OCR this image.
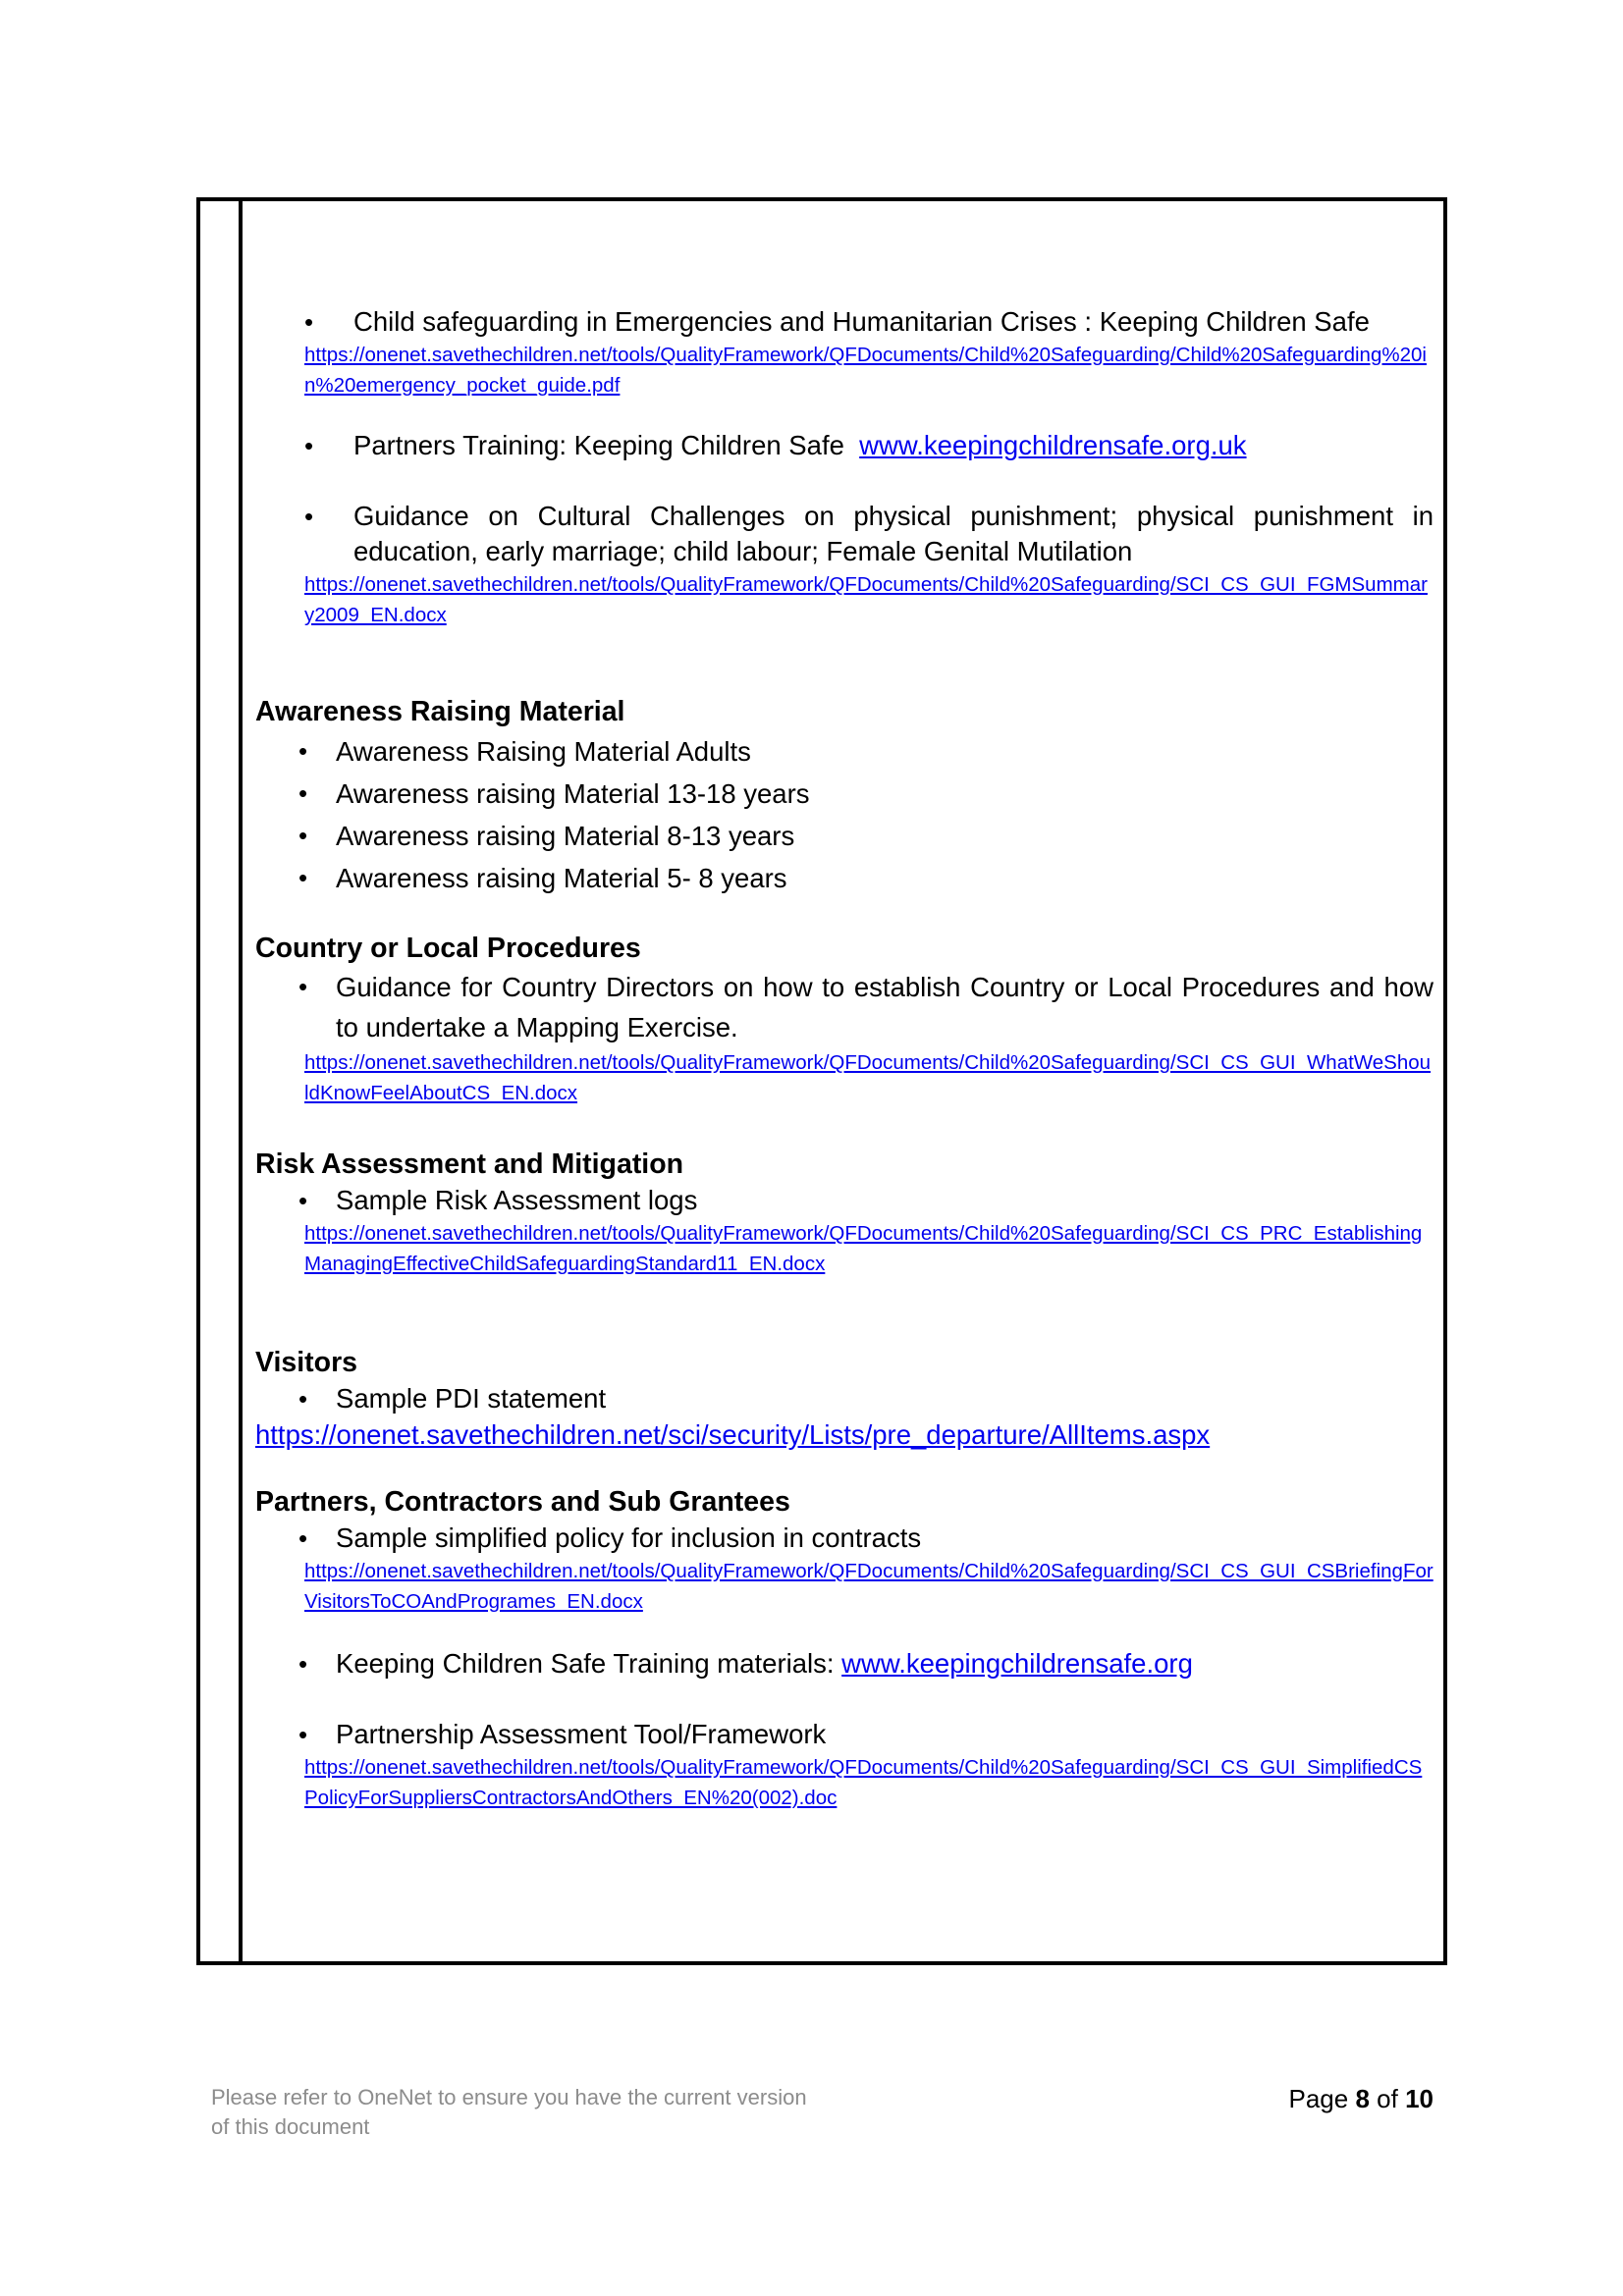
• Child safeguarding in Emergencies and Humanitarian Crises : Keeping Children Safe
https://onenet.savethechildren.net/tools/QualityFramework/QFDocuments/Child%20Safeguarding/Child%20Safeguarding%20in%20emergency_pocket_guide.pdf
• Partners Training: Keeping Children Safe www.keepingchildrensafe.org.uk
• Guidance on Cultural Challenges on physical punishment; physical punishment in education, early marriage; child labour; Female Genital Mutilation
https://onenet.savethechildren.net/tools/QualityFramework/QFDocuments/Child%20Safeguarding/SCI_CS_GUI_FGMSummary2009_EN.docx
Awareness Raising Material
• Awareness Raising Material Adults
• Awareness raising Material 13-18 years
• Awareness raising Material 8-13 years
• Awareness raising Material 5- 8 years
Country or Local Procedures
• Guidance for Country Directors on how to establish Country or Local Procedures and how to undertake a Mapping Exercise.
https://onenet.savethechildren.net/tools/QualityFramework/QFDocuments/Child%20Safeguarding/SCI_CS_GUI_WhatWeShouldKnowFeelAboutCS_EN.docx
Risk Assessment and Mitigation
• Sample Risk Assessment logs
https://onenet.savethechildren.net/tools/QualityFramework/QFDocuments/Child%20Safeguarding/SCI_CS_PRC_EstablishingManagingEffectiveChildSafeguardingStandard11_EN.docx
Visitors
• Sample PDI statement
https://onenet.savethechildren.net/sci/security/Lists/pre_departure/AllItems.aspx
Partners, Contractors and Sub Grantees
• Sample simplified policy for inclusion in contracts
https://onenet.savethechildren.net/tools/QualityFramework/QFDocuments/Child%20Safeguarding/SCI_CS_GUI_CSBriefingForVisitorsToCOAndProgrames_EN.docx
• Keeping Children Safe Training materials: www.keepingchildrensafe.org
• Partnership Assessment Tool/Framework
https://onenet.savethechildren.net/tools/QualityFramework/QFDocuments/Child%20Safeguarding/SCI_CS_GUI_SimplifiedCSPolicyForSuppliersContractorsAndOthers_EN%20(002).doc
Please refer to OneNet to ensure you have the current version of this document
Page 8 of 10
